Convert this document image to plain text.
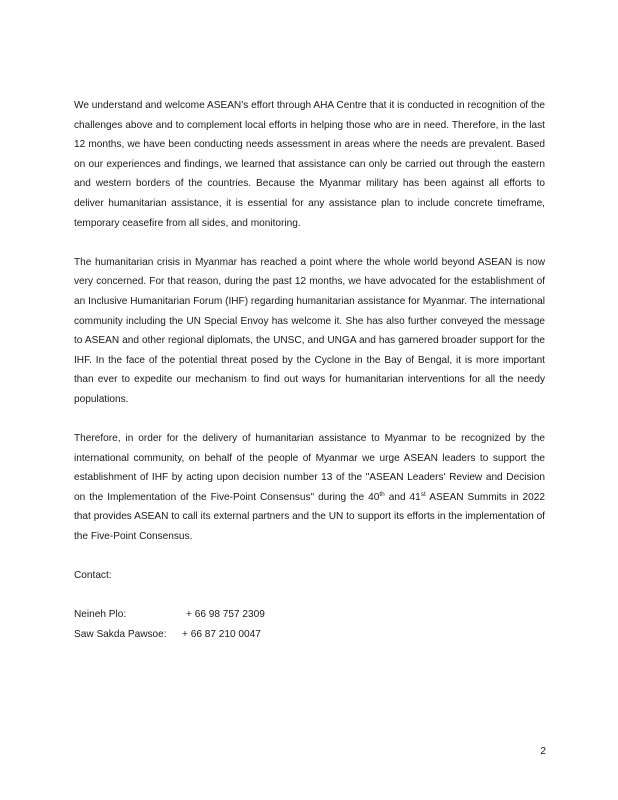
We understand and welcome ASEAN’s effort through AHA Centre that it is conducted in recognition of the challenges above and to complement local efforts in helping those who are in need. Therefore, in the last 12 months, we have been conducting needs assessment in areas where the needs are prevalent. Based on our experiences and findings, we learned that assistance can only be carried out through the eastern and western borders of the countries. Because the Myanmar military has been against all efforts to deliver humanitarian assistance, it is essential for any assistance plan to include concrete timeframe, temporary ceasefire from all sides, and monitoring.

The humanitarian crisis in Myanmar has reached a point where the whole world beyond ASEAN is now very concerned. For that reason, during the past 12 months, we have advocated for the establishment of an Inclusive Humanitarian Forum (IHF) regarding humanitarian assistance for Myanmar. The international community including the UN Special Envoy has welcome it. She has also further conveyed the message to ASEAN and other regional diplomats, the UNSC, and UNGA and has garnered broader support for the IHF. In the face of the potential threat posed by the Cyclone in the Bay of Bengal, it is more important than ever to expedite our mechanism to find out ways for humanitarian interventions for all the needy populations.

Therefore, in order for the delivery of humanitarian assistance to Myanmar to be recognized by the international community, on behalf of the people of Myanmar we urge ASEAN leaders to support the establishment of IHF by acting upon decision number 13 of the "ASEAN Leaders' Review and Decision on the Implementation of the Five-Point Consensus" during the 40th and 41st ASEAN Summits in 2022 that provides ASEAN to call its external partners and the UN to support its efforts in the implementation of the Five-Point Consensus.

Contact:
Neineh Plo:	+ 66 98 757 2309
Saw Sakda Pawsoe:	+ 66 87 210 0047
2
